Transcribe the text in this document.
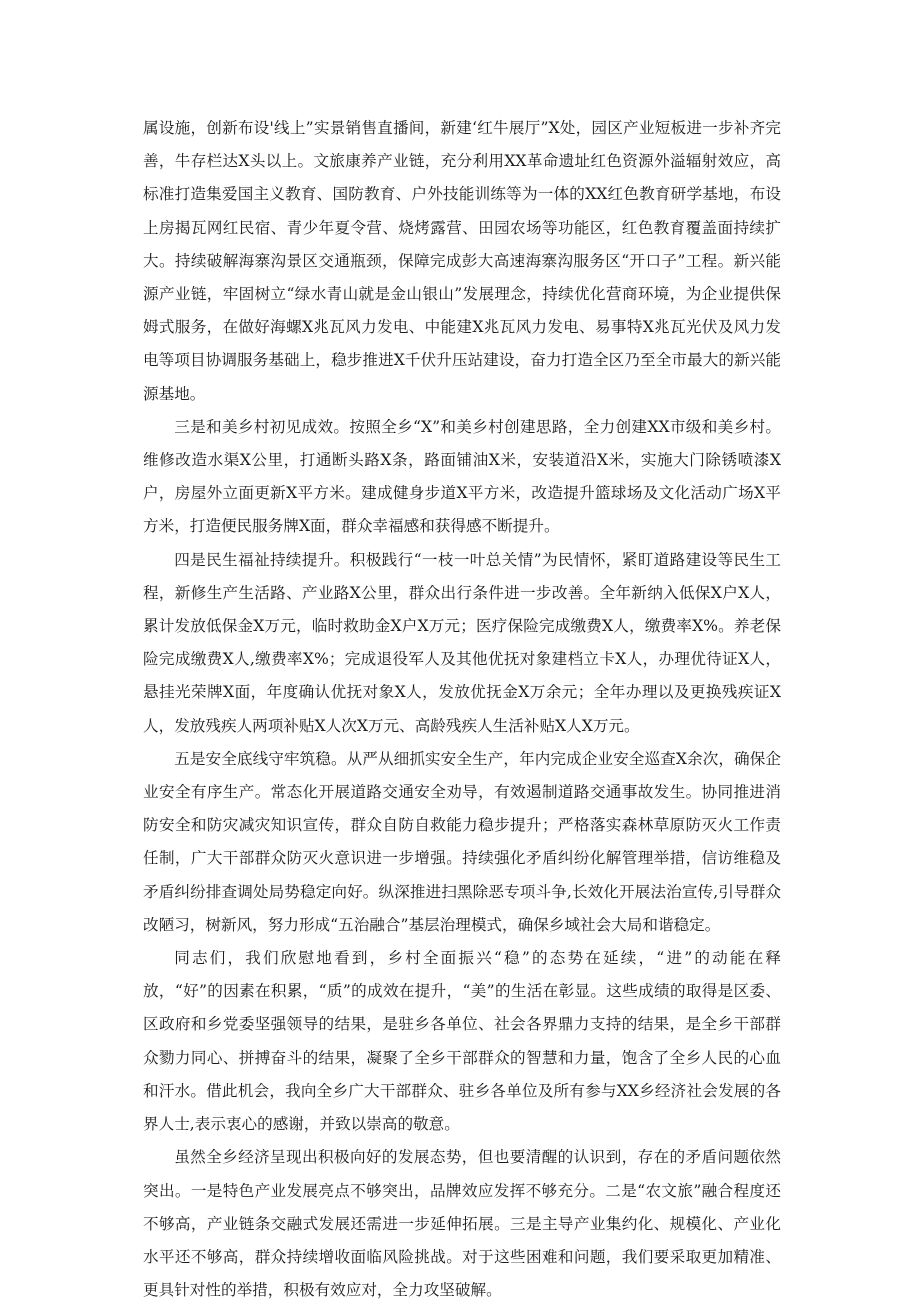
属设施，创新布设'线上”实景销售直播间，新建‘红牛展厅”X处，园区产业短板进一步补齐完善，牛存栏达X头以上。文旅康养产业链，充分利用XX革命遗址红色资源外溢辐射效应，高标准打造集爱国主义教育、国防教育、户外技能训练等为一体的XX红色教育研学基地，布设上房揭瓦网红民宿、青少年夏令营、烧烤露营、田园农场等功能区，红色教育覆盖面持续扩大。持续破解海寨沟景区交通瓶颈，保障完成彭大高速海寨沟服务区“开口子”工程。新兴能源产业链，牢固树立“绿水青山就是金山银山”发展理念，持续优化营商环境，为企业提供保姆式服务，在做好海螺X兆瓦风力发电、中能建X兆瓦风力发电、易事特X兆瓦光伏及风力发电等项目协调服务基础上，稳步推进X千伏升压站建设，奋力打造全区乃至全市最大的新兴能源基地。

三是和美乡村初见成效。按照全乡“X”和美乡村创建思路，全力创建XX市级和美乡村。维修改造水渠X公里，打通断头路X条，路面铺油X米，安装道沿X米，实施大门除锈喷漆X户，房屋外立面更新X平方米。建成健身步道X平方米，改造提升篮球场及文化活动广场X平方米，打造便民服务牌X面，群众幸福感和获得感不断提升。

四是民生福祉持续提升。积极践行“一枝一叶总关情”为民情怀，紧盯道路建设等民生工程，新修生产生活路、产业路X公里，群众出行条件进一步改善。全年新纳入低保X户X人，累计发放低保金X万元，临时救助金X户X万元；医疗保险完成缴费X人，缴费率X%。养老保险完成缴费X人,缴费率X%；完成退役军人及其他优抚对象建档立卡X人，办理优待证X人，悬挂光荣牌X面，年度确认优抚对象X人，发放优抚金X万余元；全年办理以及更换残疾证X人，发放残疾人两项补贴X人次X万元、高龄残疾人生活补贴X人X万元。

五是安全底线守牢筑稳。从严从细抓实安全生产，年内完成企业安全巡查X余次，确保企业安全有序生产。常态化开展道路交通安全劝导，有效遏制道路交通事故发生。协同推进消防安全和防灾减灾知识宣传，群众自防自救能力稳步提升；严格落实森林草原防灭火工作责任制，广大干部群众防灭火意识进一步增强。持续强化矛盾纠纷化解管理举措，信访维稳及矛盾纠纷排查调处局势稳定向好。纵深推进扫黑除恶专项斗争,长效化开展法治宣传,引导群众改陋习，树新风，努力形成“五治融合”基层治理模式，确保乡域社会大局和谐稳定。

同志们，我们欣慰地看到，乡村全面振兴“稳”的态势在延续，“进”的动能在释放，“好”的因素在积累，“质”的成效在提升，“美”的生活在彰显。这些成绩的取得是区委、区政府和乡党委坚强领导的结果，是驻乡各单位、社会各界鼎力支持的结果，是全乡干部群众勠力同心、拼搏奋斗的结果，凝聚了全乡干部群众的智慧和力量，饱含了全乡人民的心血和汗水。借此机会，我向全乡广大干部群众、驻乡各单位及所有参与XX乡经济社会发展的各界人士,表示衷心的感谢，并致以崇高的敬意。

虽然全乡经济呈现出积极向好的发展态势，但也要清醒的认识到，存在的矛盾问题依然突出。一是特色产业发展亮点不够突出，品牌效应发挥不够充分。二是“农文旅”融合程度还不够高，产业链条交融式发展还需进一步延伸拓展。三是主导产业集约化、规模化、产业化水平还不够高，群众持续增收面临风险挑战。对于这些困难和问题，我们要采取更加精准、更具针对性的举措，积极有效应对，全力攻坚破解。
